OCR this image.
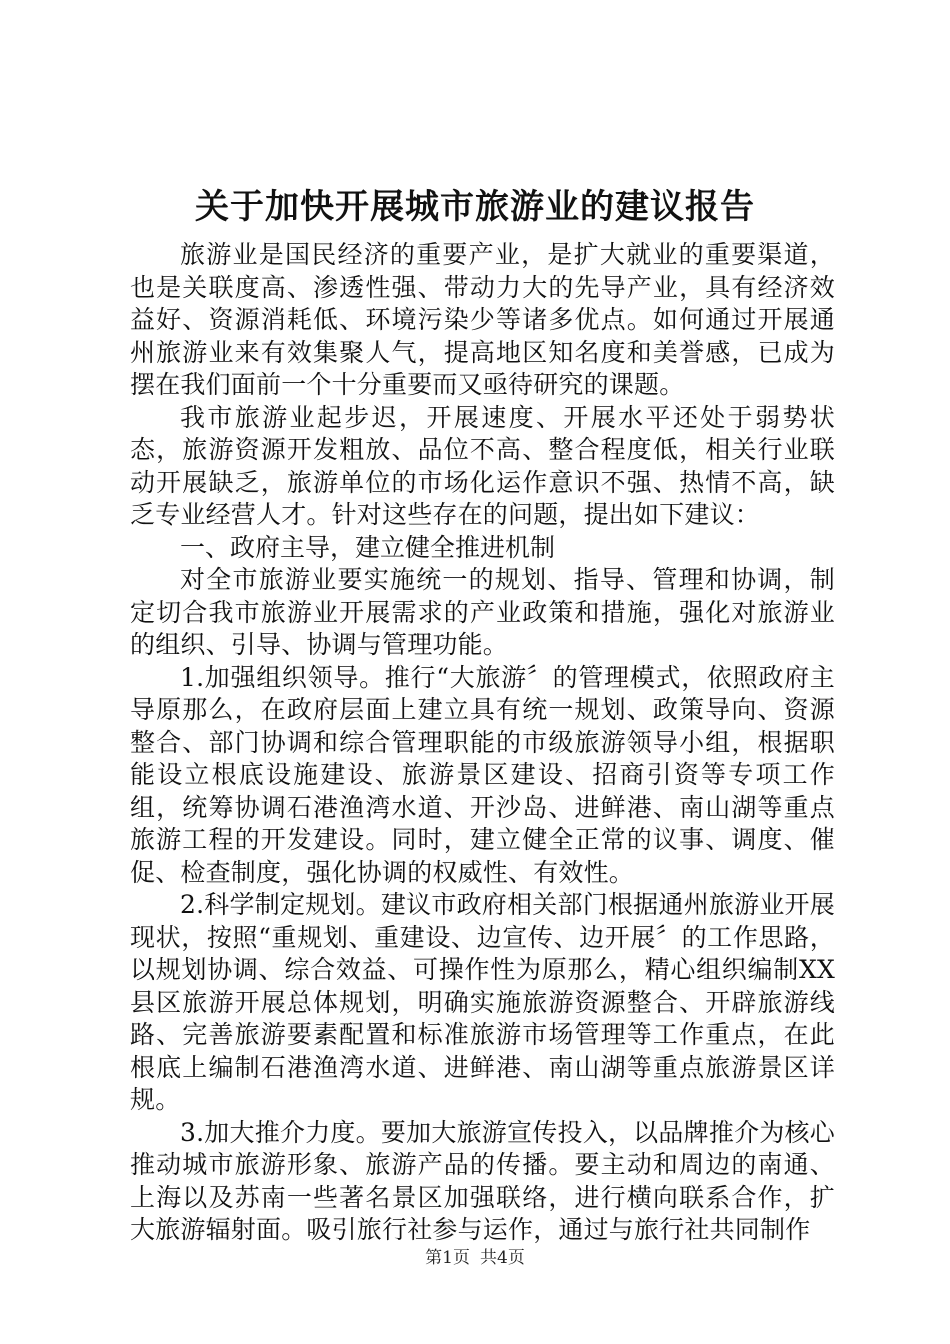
关于加快开展城市旅游业的建议报告

旅游业是国民经济的重要产业，是扩大就业的重要渠道，也是关联度高、渗透性强、带动力大的先导产业，具有经济效益好、资源消耗低、环境污染少等诸多优点。如何通过开展通州旅游业来有效集聚人气，提高地区知名度和美誉感，已成为摆在我们面前一个十分重要而又亟待研究的课题。

我市旅游业起步迟，开展速度、开展水平还处于弱势状态，旅游资源开发粗放、品位不高、整合程度低，相关行业联动开展缺乏，旅游单位的市场化运作意识不强、热情不高，缺乏专业经营人才。针对这些存在的问题，提出如下建议：

一、政府主导，建立健全推进机制

对全市旅游业要实施统一的规划、指导、管理和协调，制定切合我市旅游业开展需求的产业政策和措施，强化对旅游业的组织、引导、协调与管理功能。

1.加强组织领导。推行“大旅游〞的管理模式，依照政府主导原那么，在政府层面上建立具有统一规划、政策导向、资源整合、部门协调和综合管理职能的市级旅游领导小组，根据职能设立根底设施建设、旅游景区建设、招商引资等专项工作组，统筹协调石港渔湾水道、开沙岛、进鲜港、南山湖等重点旅游工程的开发建设。同时，建立健全正常的议事、调度、催促、检查制度，强化协调的权威性、有效性。

2.科学制定规划。建议市政府相关部门根据通州旅游业开展现状，按照“重规划、重建设、边宣传、边开展〞的工作思路，以规划协调、综合效益、可操作性为原那么，精心组织编制XX县区旅游开展总体规划，明确实施旅游资源整合、开辟旅游线路、完善旅游要素配置和标准旅游市场管理等工作重点，在此根底上编制石港渔湾水道、进鲜港、南山湖等重点旅游景区详规。

3.加大推介力度。要加大旅游宣传投入，以品牌推介为核心推动城市旅游形象、旅游产品的传播。要主动和周边的南通、上海以及苏南一些著名景区加强联络，进行横向联系合作，扩大旅游辐射面。吸引旅行社参与运作，通过与旅行社共同制作

第1页 共4页
